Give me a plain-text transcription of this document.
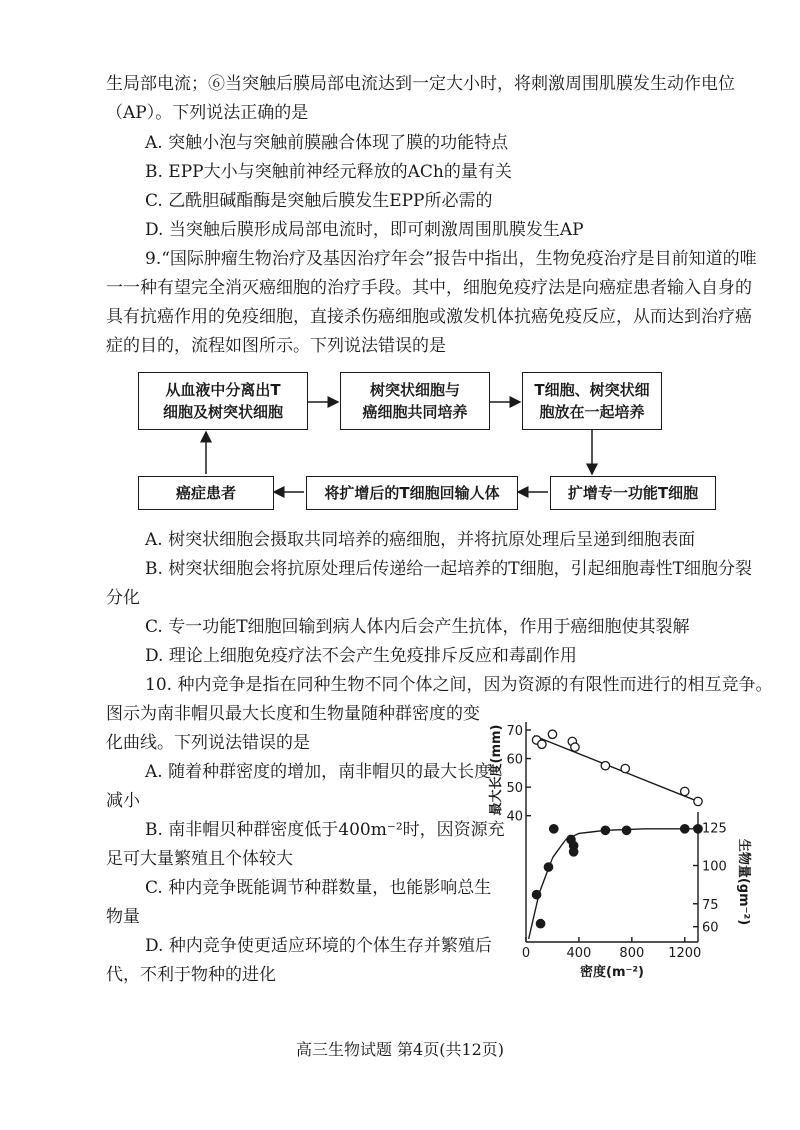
生局部电流；⑥当突触后膜局部电流达到一定大小时，将刺激周围肌膜发生动作电位
（AP）。下列说法正确的是
A. 突触小泡与突触前膜融合体现了膜的功能特点
B. EPP大小与突触前神经元释放的ACh的量有关
C. 乙酰胆碱酯酶是突触后膜发生EPP所必需的
D. 当突触后膜形成局部电流时，即可刺激周围肌膜发生AP
9.“国际肿瘤生物治疗及基因治疗年会”报告中指出，生物免疫治疗是目前知道的唯
一一种有望完全消灭癌细胞的治疗手段。其中，细胞免疫疗法是向癌症患者输入自身的
具有抗癌作用的免疫细胞，直接杀伤癌细胞或激发机体抗癌免疫反应，从而达到治疗癌
症的目的，流程如图所示。下列说法错误的是
从血液中分离出T
细胞及树突状细胞
树突状细胞与
癌细胞共同培养
T细胞、树突状细
胞放在一起培养
扩增专一功能T细胞
将扩增后的T细胞回输人体
癌症患者
A. 树突状细胞会摄取共同培养的癌细胞，并将抗原处理后呈递到细胞表面
B. 树突状细胞会将抗原处理后传递给一起培养的T细胞，引起细胞毒性T细胞分裂
分化
C. 专一功能T细胞回输到病人体内后会产生抗体，作用于癌细胞使其裂解
D. 理论上细胞免疫疗法不会产生免疫排斥反应和毒副作用
10. 种内竞争是指在同种生物不同个体之间，因为资源的有限性而进行的相互竞争。
图示为南非帽贝最大长度和生物量随种群密度的变
化曲线。下列说法错误的是
A. 随着种群密度的增加，南非帽贝的最大长度
减小
B. 南非帽贝种群密度低于400m⁻²时，因资源充
足可大量繁殖且个体较大
C. 种内竞争既能调节种群数量，也能影响总生
物量
D. 种内竞争使更适应环境的个体生存并繁殖后
代，不利于物种的进化
40
50
60
70
60
75
100
125
0	400 800 1200
密度(m⁻²)
最大长度(mm)
生物量(gm⁻²)
高三生物试题 第4页(共12页)
